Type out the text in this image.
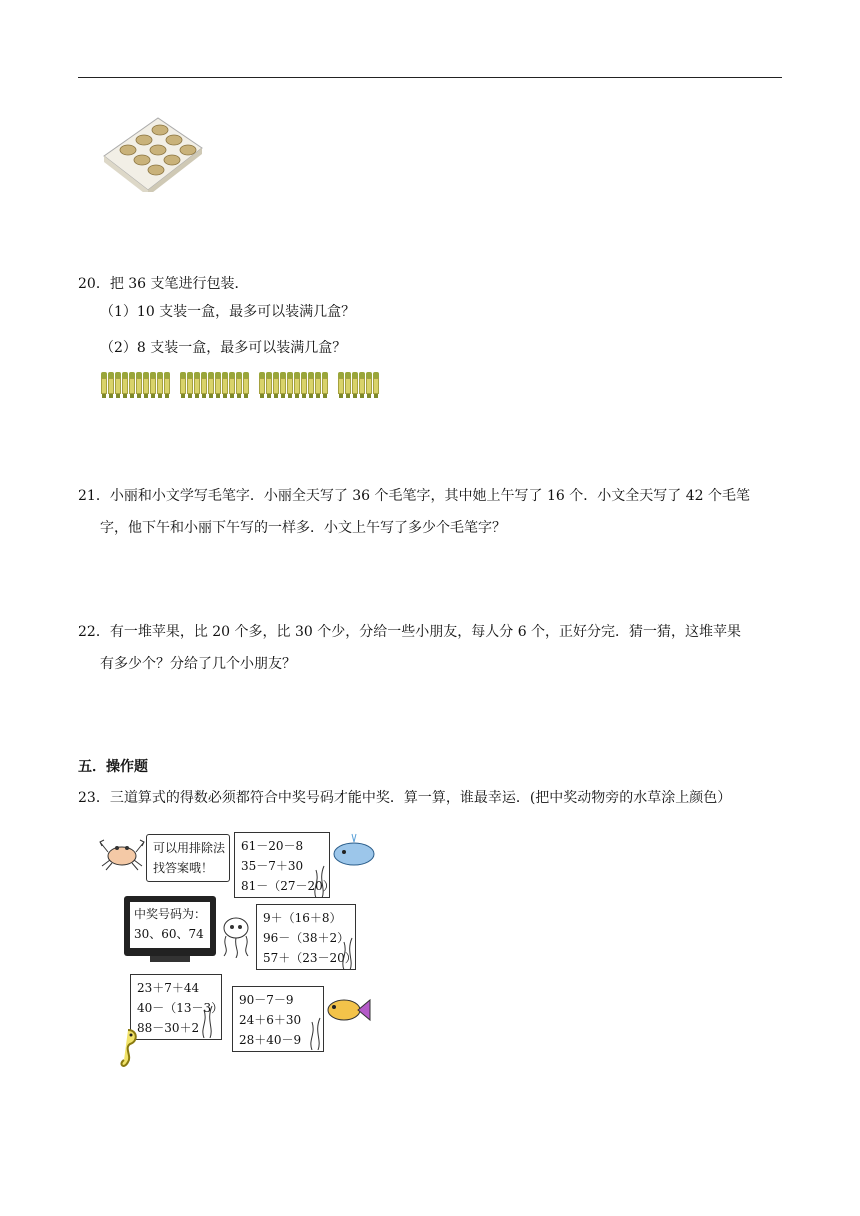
20．把 36 支笔进行包装．
（1）10 支装一盒，最多可以装满几盒？
（2）8 支装一盒，最多可以装满几盒？
21．小丽和小文学写毛笔字．小丽全天写了 36 个毛笔字，其中她上午写了 16 个．小文全天写了 42 个毛笔
字，他下午和小丽下午写的一样多．小文上午写了多少个毛笔字？
22．有一堆苹果，比 20 个多，比 30 个少，分给一些小朋友，每人分 6 个，正好分完．猜一猜，这堆苹果
有多少个？分给了几个小朋友？
五．操作题
23．三道算式的得数必须都符合中奖号码才能中奖．算一算，谁最幸运．(把中奖动物旁的水草涂上颜色）
可以用排除法
找答案哦！
61－20－8
35－7＋30
81－（27－20）
中奖号码为：
30、60、74
9＋（16＋8）
96－（38＋2）
57＋（23－20）
23＋7＋44
40－（13－3）
88－30＋2
90－7－9
24＋6＋30
28＋40－9
